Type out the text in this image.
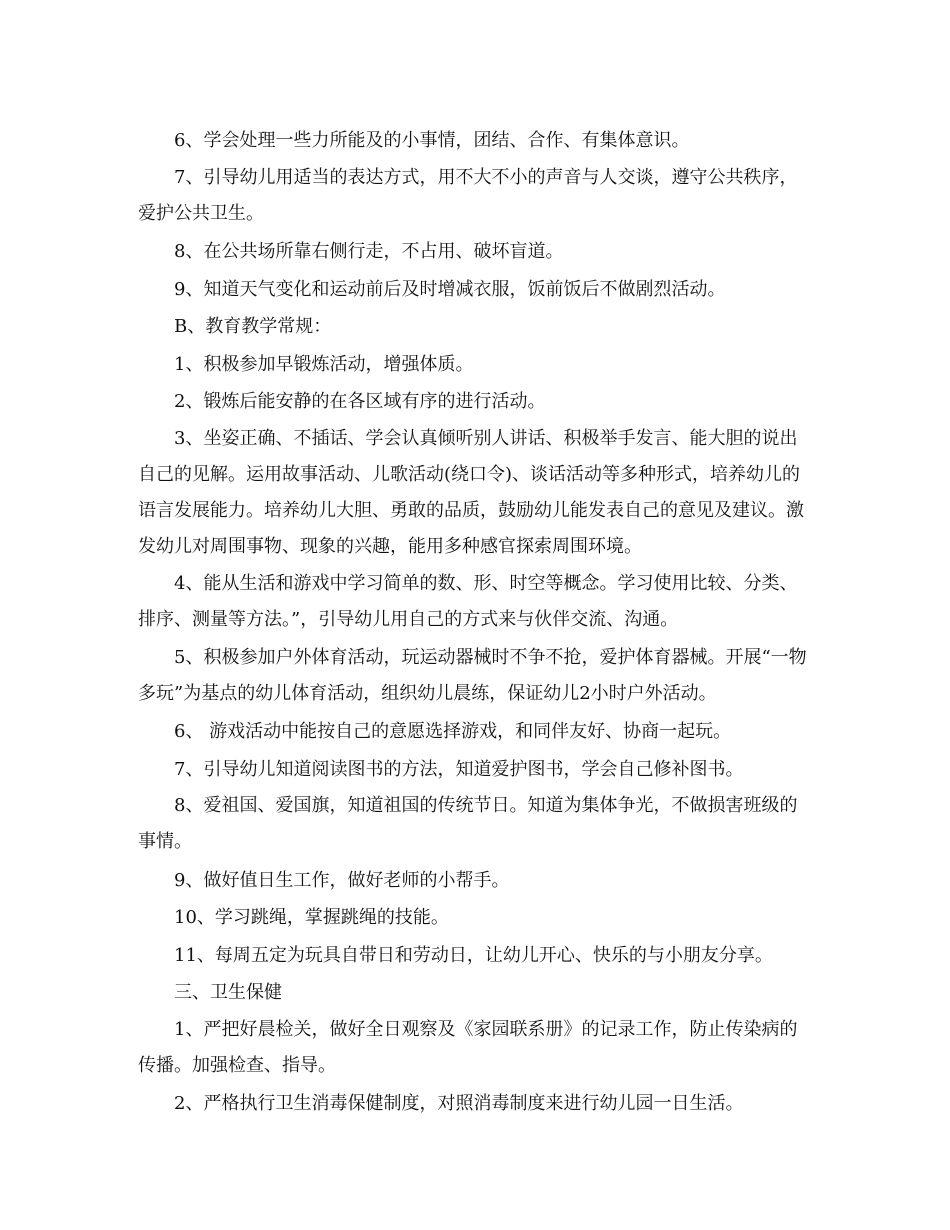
6、学会处理一些力所能及的小事情，团结、合作、有集体意识。

7、引导幼儿用适当的表达方式，用不大不小的声音与人交谈，遵守公共秩序，爱护公共卫生。

8、在公共场所靠右侧行走，不占用、破坏盲道。

9、知道天气变化和运动前后及时增减衣服，饭前饭后不做剧烈活动。

B、教育教学常规：

1、积极参加早锻炼活动，增强体质。

2、锻炼后能安静的在各区域有序的进行活动。

3、坐姿正确、不插话、学会认真倾听别人讲话、积极举手发言、能大胆的说出自己的见解。运用故事活动、儿歌活动(绕口令)、谈话活动等多种形式，培养幼儿的语言发展能力。培养幼儿大胆、勇敢的品质，鼓励幼儿能发表自己的意见及建议。激发幼儿对周围事物、现象的兴趣，能用多种感官探索周围环境。

4、能从生活和游戏中学习简单的数、形、时空等概念。学习使用比较、分类、排序、测量等方法。”，引导幼儿用自己的方式来与伙伴交流、沟通。

5、积极参加户外体育活动，玩运动器械时不争不抢，爱护体育器械。开展“一物多玩”为基点的幼儿体育活动，组织幼儿晨练，保证幼儿2小时户外活动。

6、 游戏活动中能按自己的意愿选择游戏，和同伴友好、协商一起玩。

7、引导幼儿知道阅读图书的方法，知道爱护图书，学会自己修补图书。

8、爱祖国、爱国旗，知道祖国的传统节日。知道为集体争光，不做损害班级的事情。

9、做好值日生工作，做好老师的小帮手。

10、学习跳绳，掌握跳绳的技能。

11、每周五定为玩具自带日和劳动日，让幼儿开心、快乐的与小朋友分享。

三、卫生保健

1、严把好晨检关，做好全日观察及《家园联系册》的记录工作，防止传染病的传播。加强检查、指导。

2、严格执行卫生消毒保健制度，对照消毒制度来进行幼儿园一日生活。
